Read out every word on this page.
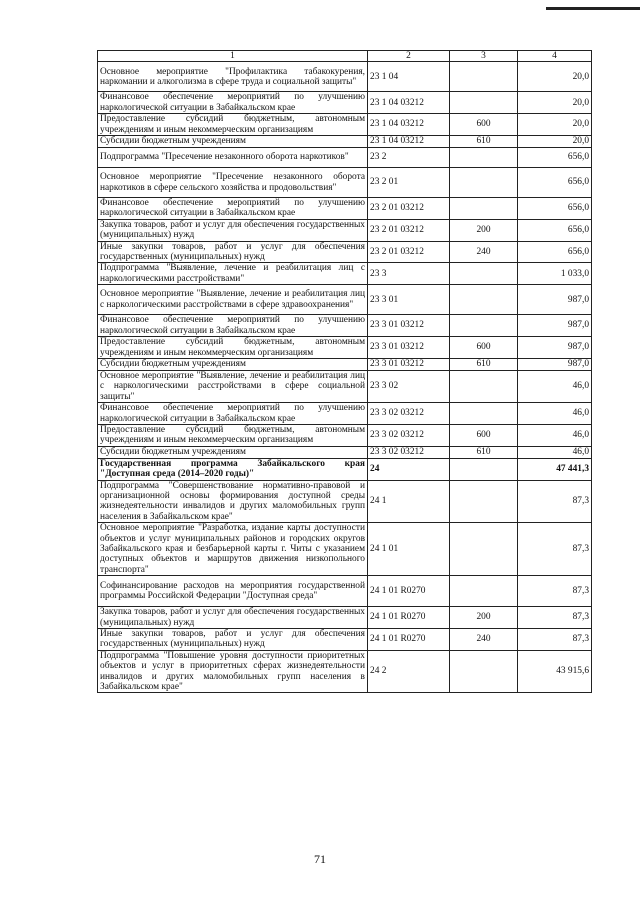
1	2	3	4
Основное мероприятие "Профилактика табакокурения, наркомании и алкоголизма в сфере труда и социальной защиты"	23 1 04		20,0
Финансовое обеспечение мероприятий по улучшению наркологической ситуации в Забайкальском крае	23 1 04 03212		20,0
Предоставление субсидий бюджетным, автономным учреждениям и иным некоммерческим организациям	23 1 04 03212	600	20,0
Субсидии бюджетным учреждениям	23 1 04 03212	610	20,0
Подпрограмма "Пресечение незаконного оборота наркотиков"	23 2		656,0
Основное мероприятие "Пресечение незаконного оборота наркотиков в сфере сельского хозяйства и продовольствия"	23 2 01		656,0
Финансовое обеспечение мероприятий по улучшению наркологической ситуации в Забайкальском крае	23 2 01 03212		656,0
Закупка товаров, работ и услуг для обеспечения государственных (муниципальных) нужд	23 2 01 03212	200	656,0
Иные закупки товаров, работ и услуг для обеспечения государственных (муниципальных) нужд	23 2 01 03212	240	656,0
Подпрограмма "Выявление, лечение и реабилитация лиц с наркологическими расстройствами"	23 3		1 033,0
Основное мероприятие "Выявление, лечение и реабилитация лиц с наркологическими расстройствами в сфере здравоохранения"	23 3 01		987,0
Финансовое обеспечение мероприятий по улучшению наркологической ситуации в Забайкальском крае	23 3 01 03212		987,0
Предоставление субсидий бюджетным, автономным учреждениям и иным некоммерческим организациям	23 3 01 03212	600	987,0
Субсидии бюджетным учреждениям	23 3 01 03212	610	987,0
Основное мероприятие "Выявление, лечение и реабилитация лиц с наркологическими расстройствами в сфере социальной защиты"	23 3 02		46,0
Финансовое обеспечение мероприятий по улучшению наркологической ситуации в Забайкальском крае	23 3 02 03212		46,0
Предоставление субсидий бюджетным, автономным учреждениям и иным некоммерческим организациям	23 3 02 03212	600	46,0
Субсидии бюджетным учреждениям	23 3 02 03212	610	46,0
Государственная программа Забайкальского края "Доступная среда (2014–2020 годы)"	24		47 441,3
Подпрограмма "Совершенствование нормативно-правовой и организационной основы формирования доступной среды жизнедеятельности инвалидов и других маломобильных групп населения в Забайкальском крае"	24 1		87,3
Основное мероприятие "Разработка, издание карты доступности объектов и услуг муниципальных районов и городских округов Забайкальского края и безбарьерной карты г. Читы с указанием доступных объектов и маршрутов движения низкопольного транспорта"	24 1 01		87,3
Софинансирование расходов на мероприятия государственной программы Российской Федерации "Доступная среда"	24 1 01 R0270		87,3
Закупка товаров, работ и услуг для обеспечения государственных (муниципальных) нужд	24 1 01 R0270	200	87,3
Иные закупки товаров, работ и услуг для обеспечения государственных (муниципальных) нужд	24 1 01 R0270	240	87,3
Подпрограмма "Повышение уровня доступности приоритетных объектов и услуг в приоритетных сферах жизнедеятельности инвалидов и других маломобильных групп населения в Забайкальском крае"	24 2		43 915,6
71
